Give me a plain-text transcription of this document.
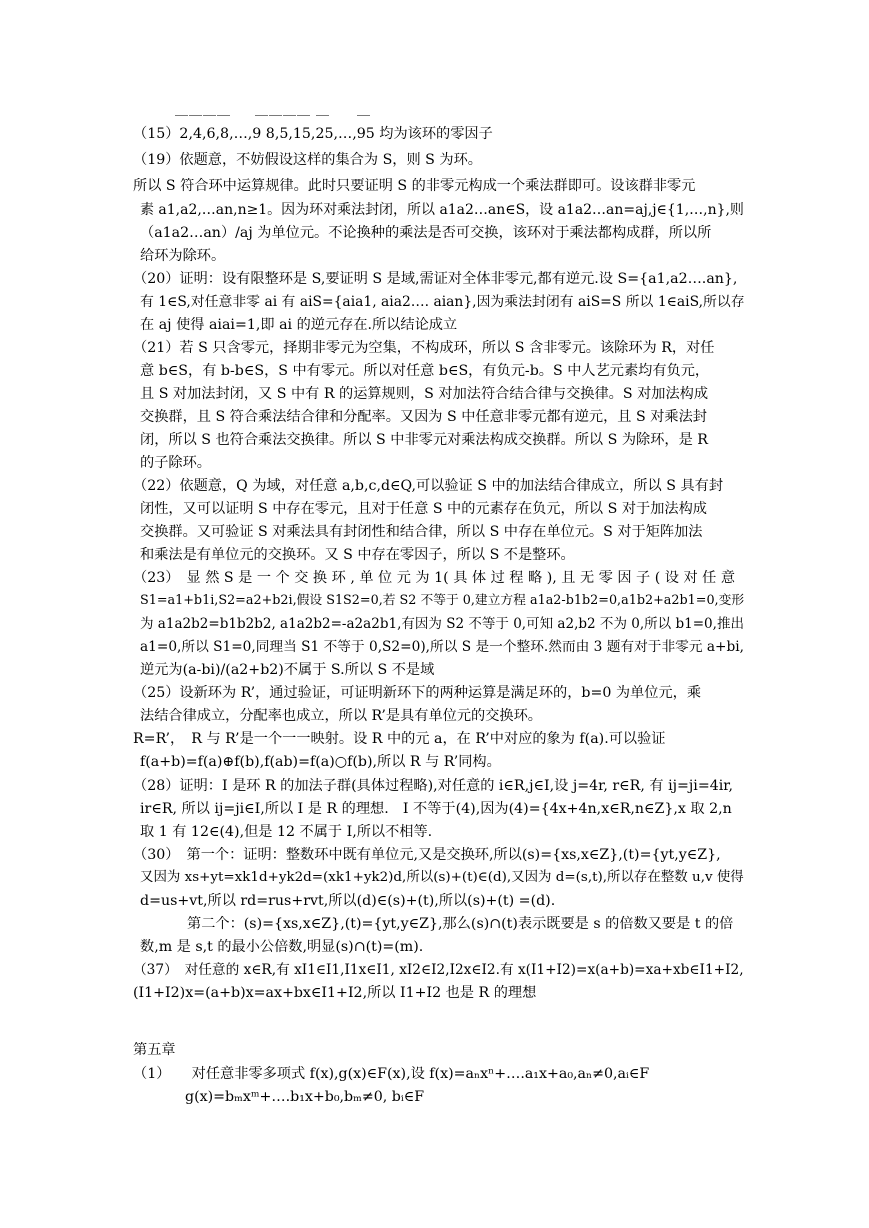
＿＿＿＿ ＿＿＿＿ ＿ ＿
（15）2,4,6,8,…,9 8,5,15,25,…,95 均为该环的零因子
（19）依题意，不妨假设这样的集合为 S，则 S 为环。
所以 S 符合环中运算规律。此时只要证明 S 的非零元构成一个乘法群即可。设该群非零元
素 a1,a2,…an,n≥1。因为环对乘法封闭，所以 a1a2…an∈S，设 a1a2…an=aj,j∈{1,…,n},则
（a1a2…an）/aj 为单位元。不论換种的乘法是否可交换，该环对于乘法都构成群，所以所
给环为除环。
（20）证明：设有限整环是 S,要证明 S 是域,需证对全体非零元,都有逆元.设 S={a1,a2….an},
有 1∈S,对任意非零 ai 有 aiS={aia1, aia2…. aian},因为乘法封闭有 aiS=S 所以 1∈aiS,所以存
在 aj 使得 aiai=1,即 ai 的逆元存在.所以结论成立
（21）若 S 只含零元，择期非零元为空集，不构成环，所以 S 含非零元。该除环为 R，对任
意 b∈S，有 b-b∈S，S 中有零元。所以对任意 b∈S，有负元-b。S 中人艺元素均有负元，
且 S 对加法封闭，又 S 中有 R 的运算规则，S 对加法符合结合律与交换律。S 对加法构成
交换群，且 S 符合乘法结合律和分配率。又因为 S 中任意非零元都有逆元，且 S 对乘法封
闭，所以 S 也符合乘法交换律。所以 S 中非零元对乘法构成交换群。所以 S 为除环，是 R
的子除环。
（22）依题意，Q 为域，对任意 a,b,c,d∈Q,可以验证 S 中的加法结合律成立，所以 S 具有封
闭性，又可以证明 S 中存在零元，且对于任意 S 中的元素存在负元，所以 S 对于加法构成
交换群。又可验证 S 对乘法具有封闭性和结合律，所以 S 中存在单位元。S 对于矩阵加法
和乘法是有单位元的交换环。又 S 中存在零因子，所以 S 不是整环。
（23）　显 然 S 是 一 个 交 换 环 , 单 位 元 为 1( 具 体 过 程 略 ), 且 无 零 因 子 ( 设 对 任 意
S1=a1+b1i,S2=a2+b2i,假设 S1S2=0,若 S2 不等于 0,建立方程 a1a2-b1b2=0,a1b2+a2b1=0,变形
为 a1a2b2=b1b2b2, a1a2b2=-a2a2b1,有因为 S2 不等于 0,可知 a2,b2 不为 0,所以 b1=0,推出
a1=0,所以 S1=0,同理当 S1 不等于 0,S2=0),所以 S 是一个整环.然而由 3 题有对于非零元 a+bi,
逆元为(a-bi)/(a2+b2)不属于 S.所以 S 不是域
（25）设新环为 R’，通过验证，可证明新环下的两种运算是满足环的，b=0 为单位元，乘
法结合律成立，分配率也成立，所以 R’是具有单位元的交换环。
R=R’，　R 与 R’是一个一一映射。设 R 中的元 a，在 R’中对应的象为 f(a).可以验证
f(a+b)=f(a)⊕f(b),f(ab)=f(a)○f(b),所以 R 与 R’同构。
（28）证明：I 是环 R 的加法子群(具体过程略),对任意的 i∈R,j∈I,设 j=4r, r∈R, 有 ij=ji=4ir,
ir∈R, 所以 ij=ji∈I,所以 I 是 R 的理想.　I 不等于(4),因为(4)={4x+4n,x∈R,n∈Z},x 取 2,n
取 1 有 12∈(4),但是 12 不属于 I,所以不相等.
（30）　第一个：证明：整数环中既有单位元,又是交换环,所以(s)={xs,x∈Z},(t)={yt,y∈Z},
又因为 xs+yt=xk1d+yk2d=(xk1+yk2)d,所以(s)+(t)∈(d),又因为 d=(s,t),所以存在整数 u,v 使得
d=us+vt,所以 rd=rus+rvt,所以(d)∈(s)+(t),所以(s)+(t) =(d).
第二个：(s)={xs,x∈Z},(t)={yt,y∈Z},那么(s)∩(t)表示既要是 s 的倍数又要是 t 的倍
数,m 是 s,t 的最小公倍数,明显(s)∩(t)=(m).
（37）　对任意的 x∈R,有 xI1∈I1,I1x∈I1, xI2∈I2,I2x∈I2.有 x(I1+I2)=x(a+b)=xa+xb∈I1+I2,
(I1+I2)x=(a+b)x=ax+bx∈I1+I2,所以 I1+I2 也是 R 的理想
第五章
（1）　　对任意非零多项式 f(x),g(x)∈F(x),设 f(x)=aₙxⁿ+….a₁x+a₀,aₙ≠0,aᵢ∈F
g(x)=bₘxᵐ+….b₁x+b₀,bₘ≠0, bᵢ∈F
